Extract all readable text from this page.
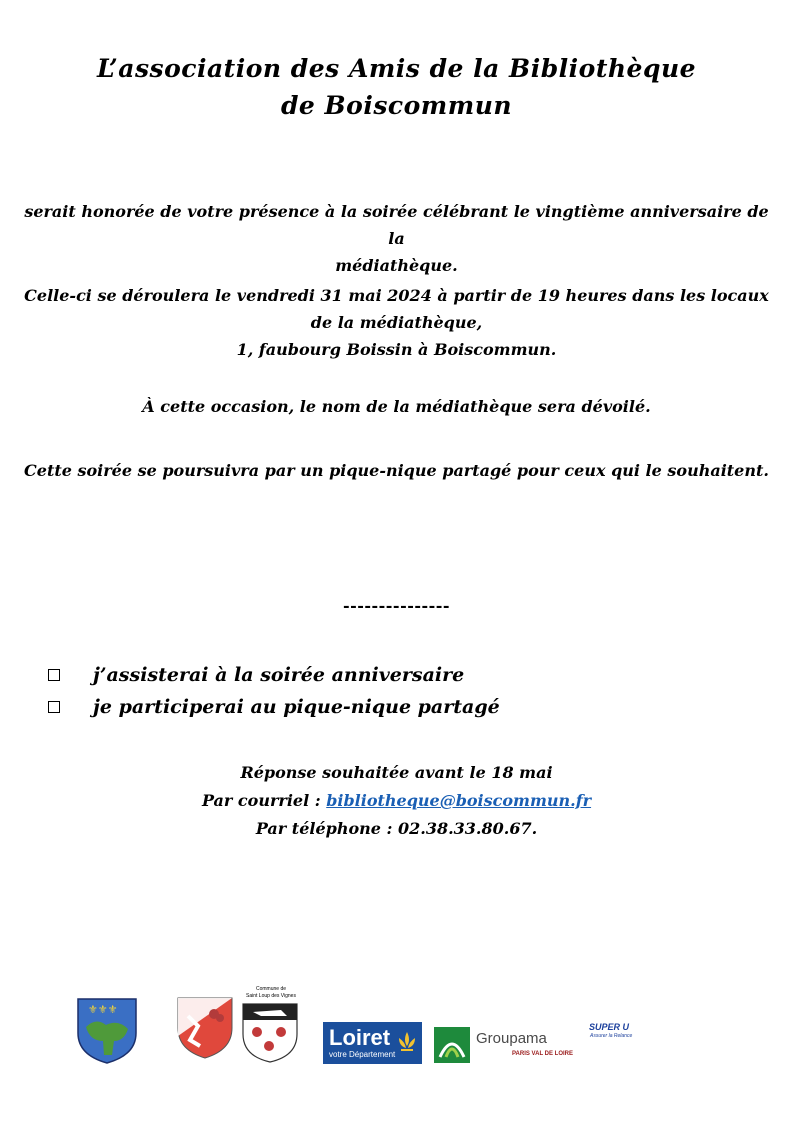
L’association des Amis de la Bibliothèque
de Boiscommun
serait honorée de votre présence à la soirée célébrant le vingtième anniversaire de la
médiathèque.
Celle-ci se déroulera le vendredi 31 mai 2024 à partir de 19 heures dans les locaux
de la médiathèque,
1, faubourg Boissin à Boiscommun.
À cette occasion, le nom de la médiathèque sera dévoilé.
Cette soirée se poursuivra par un pique-nique partagé pour ceux qui le souhaitent.
---------------
j’assisterai à la soirée anniversaire
je participerai au pique-nique partagé
Réponse souhaitée avant le 18 mai
Par courriel : bibliotheque@boiscommun.fr
Par téléphone : 02.38.33.80.67.
⚜⚜⚜
Commune de
Saint Loup des Vignes
Loiret
votre Département
Groupama
PARIS VAL DE LOIRE
SUPER U
Assurer la Relance
